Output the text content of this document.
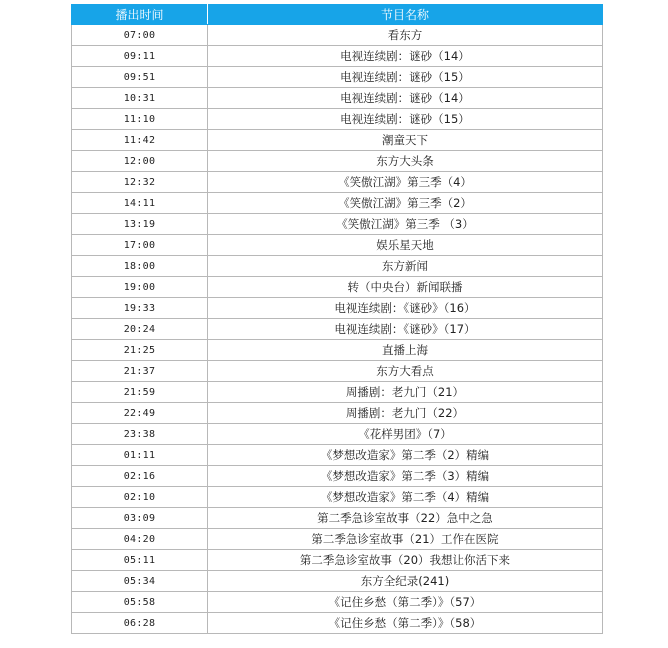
播出时间	节目名称
07:00	看东方
09:11	电视连续剧：谜砂（14）
09:51	电视连续剧：谜砂（15）
10:31	电视连续剧：谜砂（14）
11:10	电视连续剧：谜砂（15）
11:42	潮童天下
12:00	东方大头条
12:32	《笑傲江湖》第三季（4）
14:11	《笑傲江湖》第三季（2）
13:19	《笑傲江湖》第三季 （3）
17:00	娱乐星天地
18:00	东方新闻
19:00	转（中央台）新闻联播
19:33	电视连续剧：《谜砂》（16）
20:24	电视连续剧：《谜砂》（17）
21:25	直播上海
21:37	东方大看点
21:59	周播剧：老九门（21）
22:49	周播剧：老九门（22）
23:38	《花样男团》（7）
01:11	《梦想改造家》第二季（2）精编
02:16	《梦想改造家》第二季（3）精编
02:10	《梦想改造家》第二季（4）精编
03:09	第二季急诊室故事（22）急中之急
04:20	第二季急诊室故事（21）工作在医院
05:11	第二季急诊室故事（20）我想让你活下来
05:34	东方全纪录(241)
05:58	《记住乡愁（第二季）》（57）
06:28	《记住乡愁（第二季）》（58）
